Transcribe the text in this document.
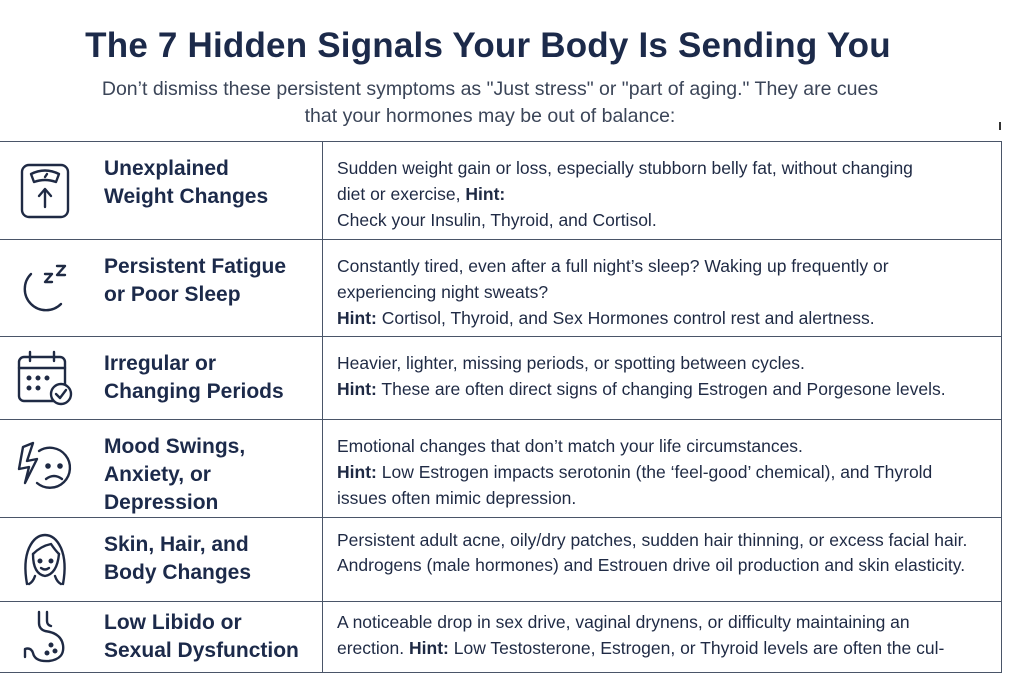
The 7 Hidden Signals Your Body Is Sending You
Don’t dismiss these persistent symptoms as "Just stress" or "part of aging." They are cues
that your hormones may be out of balance:

Unexplained
Weight Changes	Sudden weight gain or loss, especially stubborn belly fat, without changing diet or exercise, Hint:
Check your Insulin, Thyroid, and Cortisol.

Persistent Fatigue
or Poor Sleep	Constantly tired, even after a full night’s sleep? Waking up frequently or experiencing night sweats?
Hint: Cortisol, Thyroid, and Sex Hormones control rest and alertness.

Irregular or
Changing Periods	Heavier, lighter, missing periods, or spotting between cycles.
Hint: These are often direct signs of changing Estrogen and Porgesone levels.

Mood Swings,
Anxiety, or Depression	Emotional changes that don’t match your life circumstances.
Hint: Low Estrogen impacts serotonin (the ‘feel-good’ chemical), and Thyrold issues often mimic depression.

Skin, Hair, and
Body Changes	Persistent adult acne, oily/dry patches, sudden hair thinning, or excess facial hair. Androgens (male hormones) and Estrouen drive oil production and skin elasticity.

Low Libido or
Sexual Dysfunction	A noticeable drop in sex drive, vaginal drynens, or difficulty maintaining an erection. Hint: Low Testosterone, Estrogen, or Thyroid levels are often the cul-
